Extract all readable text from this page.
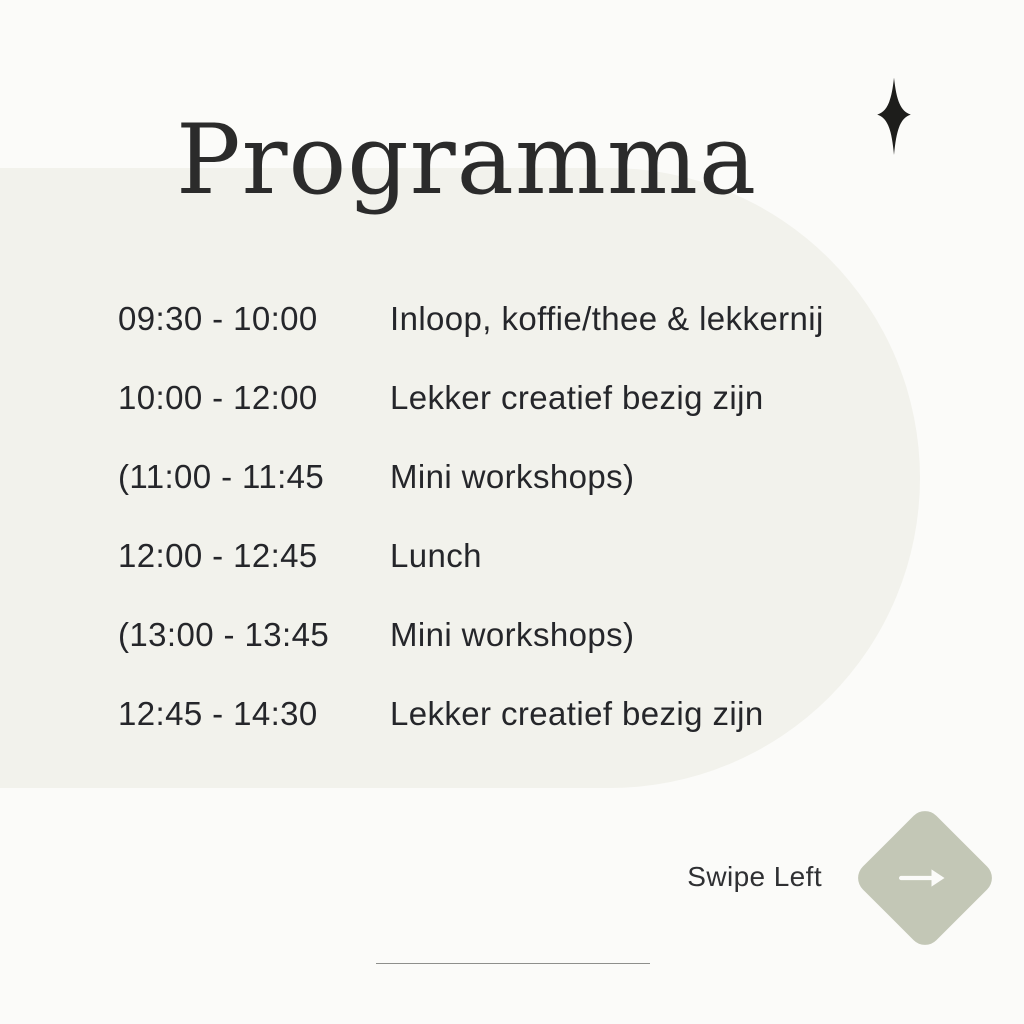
Programma
09:30 - 10:00	Inloop, koffie/thee & lekkernij
10:00 - 12:00	Lekker creatief bezig zijn
(11:00 - 11:45	Mini workshops)
12:00 - 12:45	Lunch
(13:00 - 13:45	Mini workshops)
12:45 - 14:30	Lekker creatief bezig zijn
Swipe Left
